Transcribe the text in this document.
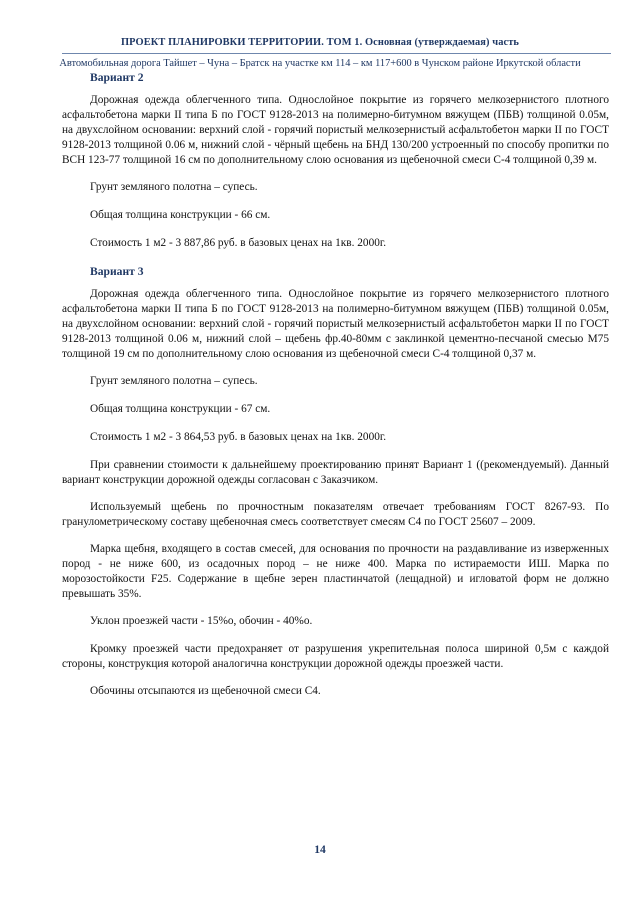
ПРОЕКТ ПЛАНИРОВКИ ТЕРРИТОРИИ. ТОМ 1. Основная (утверждаемая) часть
Автомобильная дорога Тайшет – Чуна – Братск на участке км 114 – км 117+600 в Чунском районе Иркутской области
Вариант 2

Дорожная одежда облегченного типа. Однослойное покрытие из горячего мелкозернистого плотного асфальтобетона марки II типа Б по ГОСТ 9128-2013 на полимерно-битумном вяжущем (ПБВ) толщиной 0.05м, на двухслойном основании: верхний слой - горячий пористый мелкозернистый асфальтобетон марки II по ГОСТ 9128-2013 толщиной 0.06 м, нижний слой - чёрный щебень на БНД 130/200 устроенный по способу пропитки по ВСН 123-77 толщиной 16 см по дополнительному слою основания из щебеночной смеси С-4 толщиной 0,39 м.

Грунт земляного полотна – супесь.

Общая толщина конструкции - 66 см.

Стоимость 1 м2 - 3 887,86 руб. в базовых ценах на 1кв. 2000г.

Вариант 3

Дорожная одежда облегченного типа. Однослойное покрытие из горячего мелкозернистого плотного асфальтобетона марки II типа Б по ГОСТ 9128-2013 на полимерно-битумном вяжущем (ПБВ) толщиной 0.05м, на двухслойном основании: верхний слой - горячий пористый мелкозернистый асфальтобетон марки II по ГОСТ 9128-2013 толщиной 0.06 м, нижний слой – щебень фр.40-80мм с заклинкой цементно-песчаной смесью М75 толщиной 19 см по дополнительному слою основания из щебеночной смеси С-4 толщиной 0,37 м.

Грунт земляного полотна – супесь.

Общая толщина конструкции - 67 см.

Стоимость 1 м2 - 3 864,53 руб. в базовых ценах на 1кв. 2000г.

При сравнении стоимости к дальнейшему проектированию принят Вариант 1 ((рекомендуемый). Данный вариант конструкции дорожной одежды согласован с Заказчиком.

Используемый щебень по прочностным показателям отвечает требованиям ГОСТ 8267-93. По гранулометрическому составу щебеночная смесь соответствует смесям С4 по ГОСТ 25607 – 2009.

Марка щебня, входящего в состав смесей, для основания по прочности на раздавливание из изверженных пород - не ниже 600, из осадочных пород – не ниже 400. Марка по истираемости ИШ. Марка по морозостойкости F25. Содержание в щебне зерен пластинчатой (лещадной) и игловатой форм не должно превышать 35%.

Уклон проезжей части - 15%о, обочин - 40%о.

Кромку проезжей части предохраняет от разрушения укрепительная полоса шириной 0,5м с каждой стороны, конструкция которой аналогична конструкции дорожной одежды проезжей части.

Обочины отсыпаются из щебеночной смеси С4.

14
